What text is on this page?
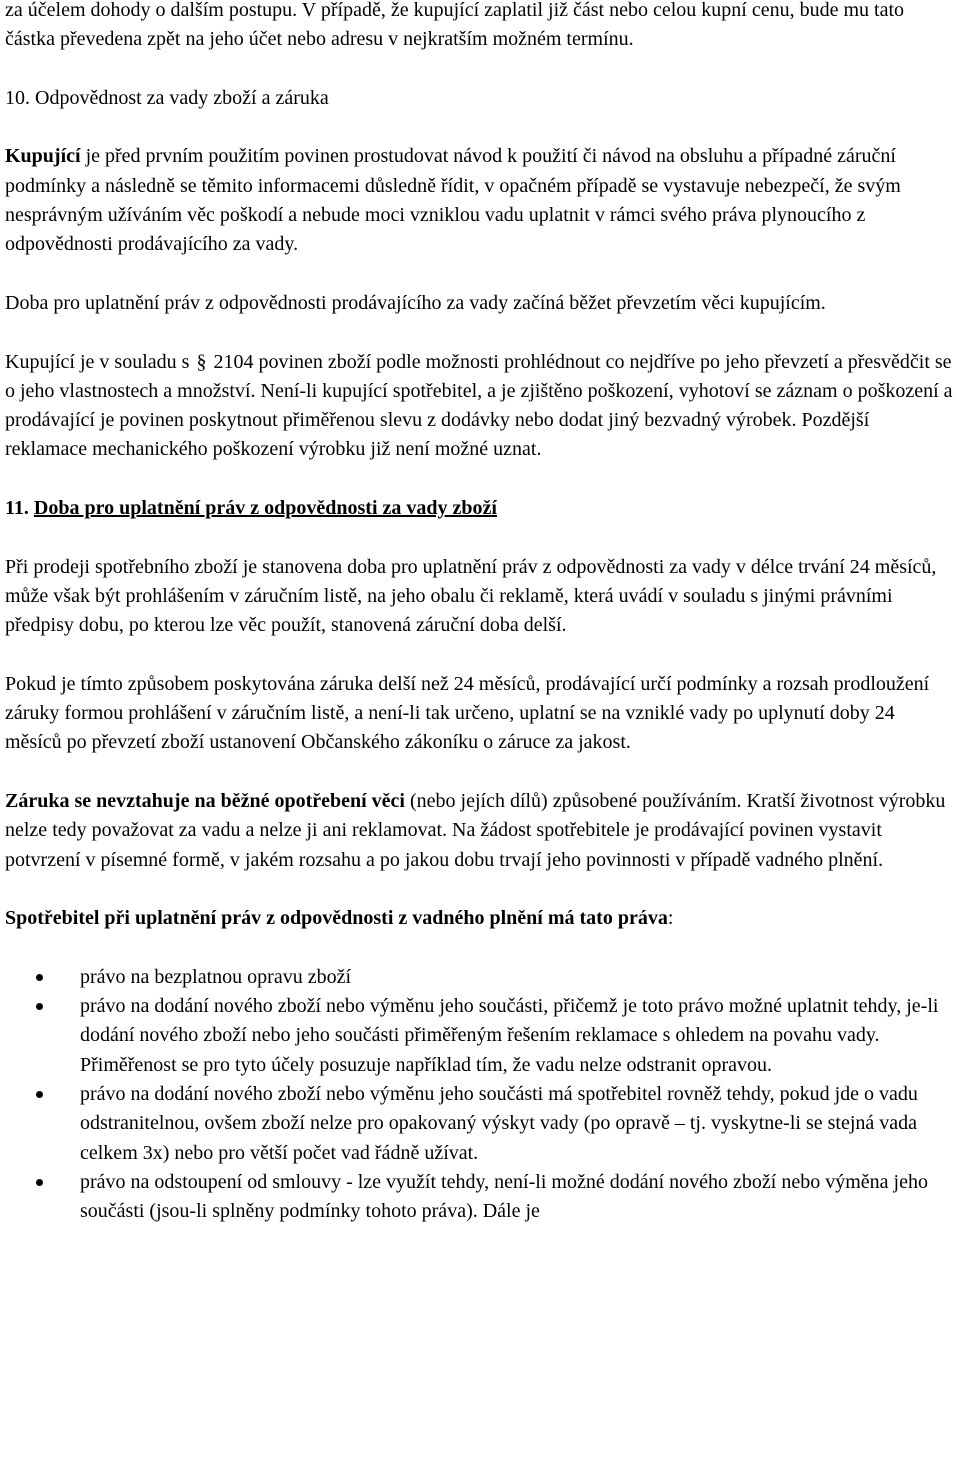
za účelem dohody o dalším postupu. V případě, že kupující zaplatil již část nebo celou kupní cenu, bude mu tato částka převedena zpět na jeho účet nebo adresu v nejkratším možném termínu.

10. Odpovědnost za vady zboží a záruka

Kupující je před prvním použitím povinen prostudovat návod k použití či návod na obsluhu a případné záruční podmínky a následně se těmito informacemi důsledně řídit, v opačném případě se vystavuje nebezpečí, že svým nesprávným užíváním věc poškodí a nebude moci vzniklou vadu uplatnit v rámci svého práva plynoucího z odpovědnosti prodávajícího za vady.

Doba pro uplatnění práv z odpovědnosti prodávajícího za vady začíná běžet převzetím věci kupujícím.

Kupující je v souladu s § 2104 povinen zboží podle možnosti prohlédnout co nejdříve po jeho převzetí a přesvědčit se o jeho vlastnostech a množství. Není-li kupující spotřebitel, a je zjištěno poškození, vyhotoví se záznam o poškození a prodávající je povinen poskytnout přiměřenou slevu z dodávky nebo dodat jiný bezvadný výrobek. Pozdější reklamace mechanického poškození výrobku již není možné uznat.

11. Doba pro uplatnění práv z odpovědnosti za vady zboží

Při prodeji spotřebního zboží je stanovena doba pro uplatnění práv z odpovědnosti za vady v délce trvání 24 měsíců, může však být prohlášením v záručním listě, na jeho obalu či reklamě, která uvádí v souladu s jinými právními předpisy dobu, po kterou lze věc použít, stanovená záruční doba delší.

Pokud je tímto způsobem poskytována záruka delší než 24 měsíců, prodávající určí podmínky a rozsah prodloužení záruky formou prohlášení v záručním listě, a není-li tak určeno, uplatní se na vzniklé vady po uplynutí doby 24 měsíců po převzetí zboží ustanovení Občanského zákoníku o záruce za jakost.

Záruka se nevztahuje na běžné opotřebení věci (nebo jejích dílů) způsobené používáním. Kratší životnost výrobku nelze tedy považovat za vadu a nelze ji ani reklamovat. Na žádost spotřebitele je prodávající povinen vystavit potvrzení v písemné formě, v jakém rozsahu a po jakou dobu trvají jeho povinnosti v případě vadného plnění.

Spotřebitel při uplatnění práv z odpovědnosti z vadného plnění má tato práva:

právo na bezplatnou opravu zboží
právo na dodání nového zboží nebo výměnu jeho součásti, přičemž je toto právo možné uplatnit tehdy, je-li dodání nového zboží nebo jeho součásti přiměřeným řešením reklamace s ohledem na povahu vady. Přiměřenost se pro tyto účely posuzuje například tím, že vadu nelze odstranit opravou.
právo na dodání nového zboží nebo výměnu jeho součásti má spotřebitel rovněž tehdy, pokud jde o vadu odstranitelnou, ovšem zboží nelze pro opakovaný výskyt vady (po opravě – tj. vyskytne-li se stejná vada celkem 3x) nebo pro větší počet vad řádně užívat.
právo na odstoupení od smlouvy - lze využít tehdy, není-li možné dodání nového zboží nebo výměna jeho součásti (jsou-li splněny podmínky tohoto práva). Dále je
